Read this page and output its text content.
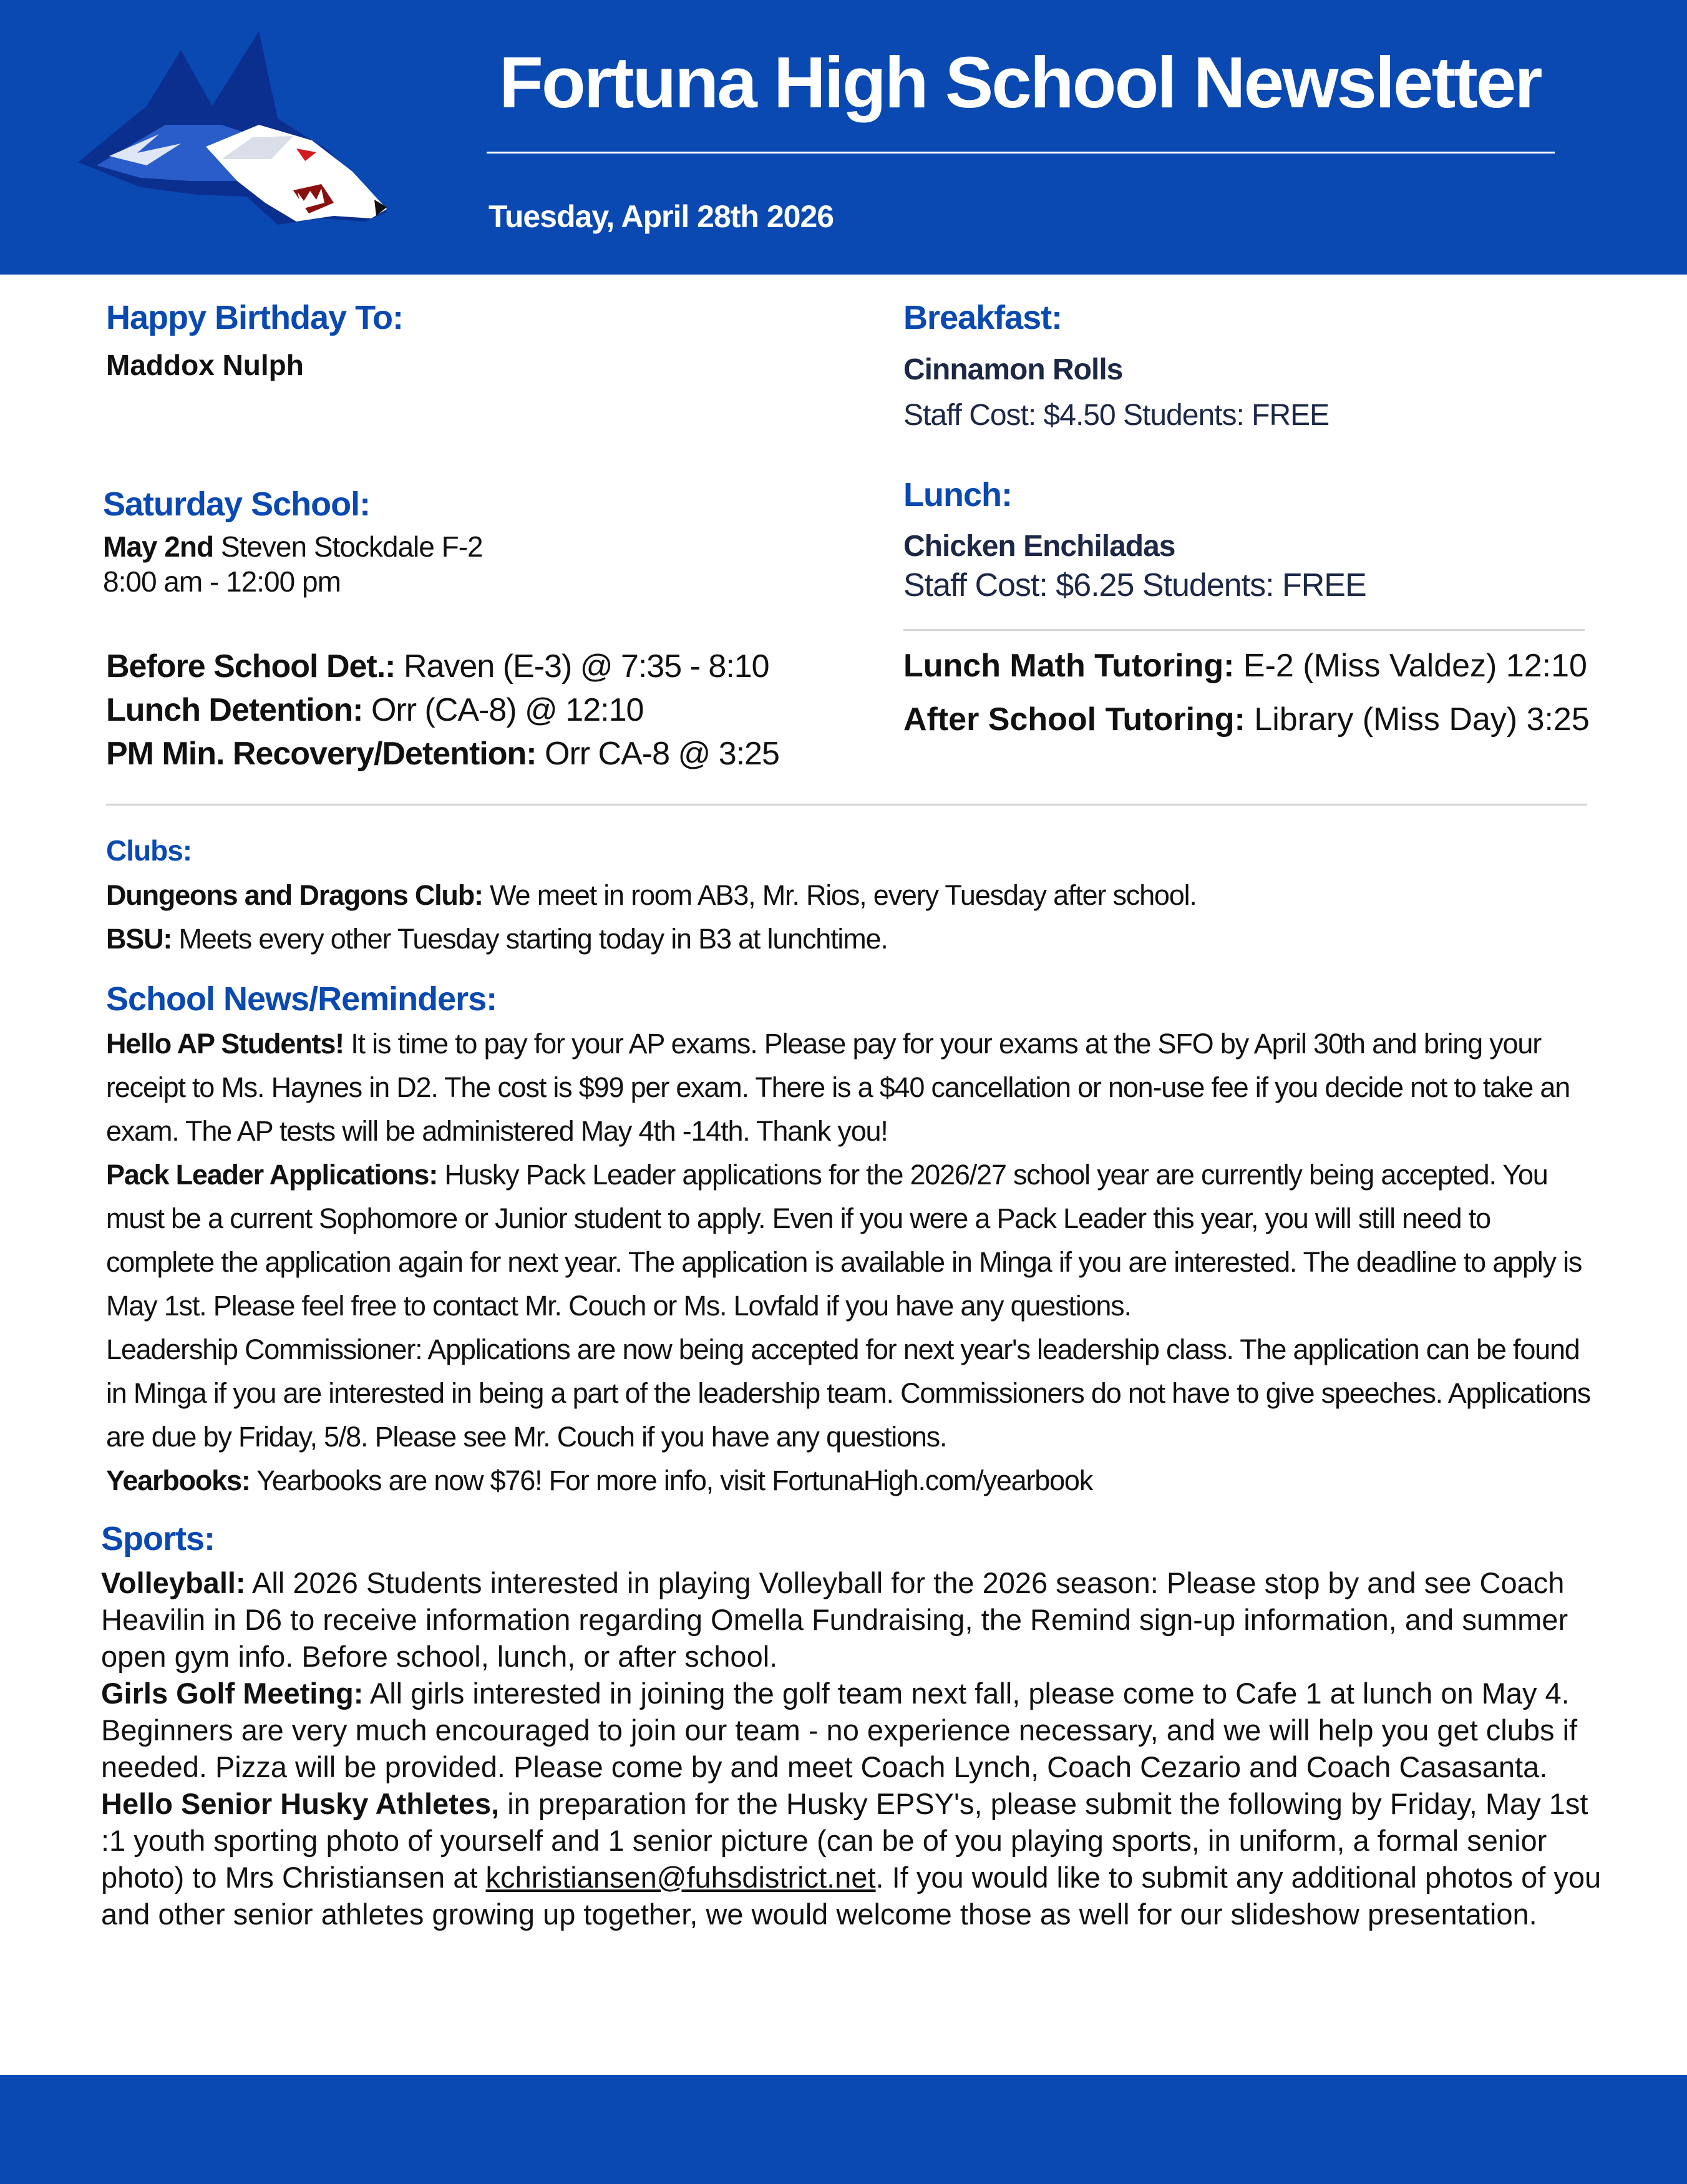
Fortuna High School Newsletter
Tuesday, April 28th 2026
Happy Birthday To:
Maddox Nulph
Saturday School:
May 2nd Steven Stockdale F-2
8:00 am - 12:00 pm
Breakfast:
Cinnamon Rolls
Staff Cost: $4.50 Students: FREE
Lunch:
Chicken Enchiladas
Staff Cost: $6.25 Students: FREE
Before School Det.: Raven (E-3) @ 7:35 - 8:10
Lunch Detention: Orr (CA-8) @ 12:10
PM Min. Recovery/Detention: Orr CA-8 @ 3:25
Lunch Math Tutoring: E-2 (Miss Valdez) 12:10
After School Tutoring: Library (Miss Day) 3:25
Clubs:

Dungeons and Dragons Club: We meet in room AB3, Mr. Rios, every Tuesday after school.

BSU: Meets every other Tuesday starting today in B3 at lunchtime.

School News/Reminders:

Hello AP Students! It is time to pay for your AP exams. Please pay for your exams at the SFO by April 30th and bring your receipt to Ms. Haynes in D2. The cost is $99 per exam. There is a $40 cancellation or non-use fee if you decide not to take an exam. The AP tests will be administered May 4th -14th. Thank you!

Pack Leader Applications: Husky Pack Leader applications for the 2026/27 school year are currently being accepted. You must be a current Sophomore or Junior student to apply. Even if you were a Pack Leader this year, you will still need to complete the application again for next year. The application is available in Minga if you are interested. The deadline to apply is May 1st. Please feel free to contact Mr. Couch or Ms. Lovfald if you have any questions.

Leadership Commissioner: Applications are now being accepted for next year's leadership class. The application can be found in Minga if you are interested in being a part of the leadership team. Commissioners do not have to give speeches. Applications are due by Friday, 5/8. Please see Mr. Couch if you have any questions.

Yearbooks: Yearbooks are now $76! For more info, visit FortunaHigh.com/yearbook

Sports:

Volleyball: All 2026 Students interested in playing Volleyball for the 2026 season: Please stop by and see Coach Heavilin in D6 to receive information regarding Omella Fundraising, the Remind sign-up information, and summer open gym info. Before school, lunch, or after school.

Girls Golf Meeting: All girls interested in joining the golf team next fall, please come to Cafe 1 at lunch on May 4. Beginners are very much encouraged to join our team - no experience necessary, and we will help you get clubs if needed. Pizza will be provided. Please come by and meet Coach Lynch, Coach Cezario and Coach Casasanta.

Hello Senior Husky Athletes, in preparation for the Husky EPSY's, please submit the following by Friday, May 1st :1 youth sporting photo of yourself and 1 senior picture (can be of you playing sports, in uniform, a formal senior photo) to Mrs Christiansen at kchristiansen@fuhsdistrict.net. If you would like to submit any additional photos of you and other senior athletes growing up together, we would welcome those as well for our slideshow presentation.
